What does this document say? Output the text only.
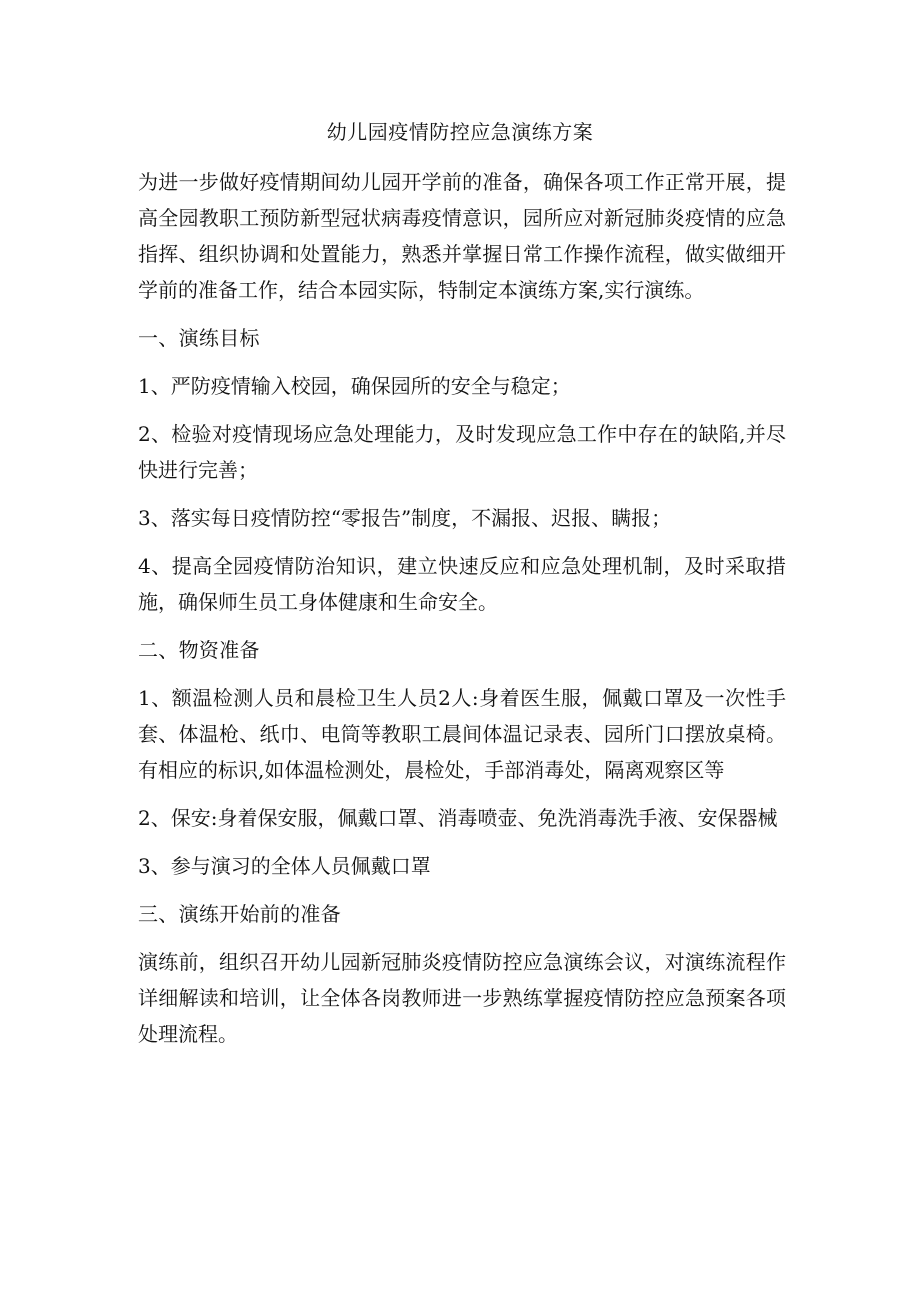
幼儿园疫情防控应急演练方案

为进一步做好疫情期间幼儿园开学前的准备，确保各项工作正常开展，提高全园教职工预防新型冠状病毒疫情意识，园所应对新冠肺炎疫情的应急指挥、组织协调和处置能力，熟悉并掌握日常工作操作流程，做实做细开学前的准备工作，结合本园实际，特制定本演练方案,实行演练。

一、演练目标

1、严防疫情输入校园，确保园所的安全与稳定；

2、检验对疫情现场应急处理能力，及时发现应急工作中存在的缺陷,并尽快进行完善；

3、落实每日疫情防控“零报告”制度，不漏报、迟报、瞒报；

4、提高全园疫情防治知识，建立快速反应和应急处理机制，及时采取措施，确保师生员工身体健康和生命安全。

二、物资准备

1、额温检测人员和晨检卫生人员2人:身着医生服，佩戴口罩及一次性手套、体温枪、纸巾、电筒等教职工晨间体温记录表、园所门口摆放桌椅。有相应的标识,如体温检测处，晨检处，手部消毒处，隔离观察区等

2、保安:身着保安服，佩戴口罩、消毒喷壶、免洗消毒洗手液、安保器械

3、参与演习的全体人员佩戴口罩

三、演练开始前的准备

演练前，组织召开幼儿园新冠肺炎疫情防控应急演练会议，对演练流程作详细解读和培训，让全体各岗教师进一步熟练掌握疫情防控应急预案各项处理流程。
